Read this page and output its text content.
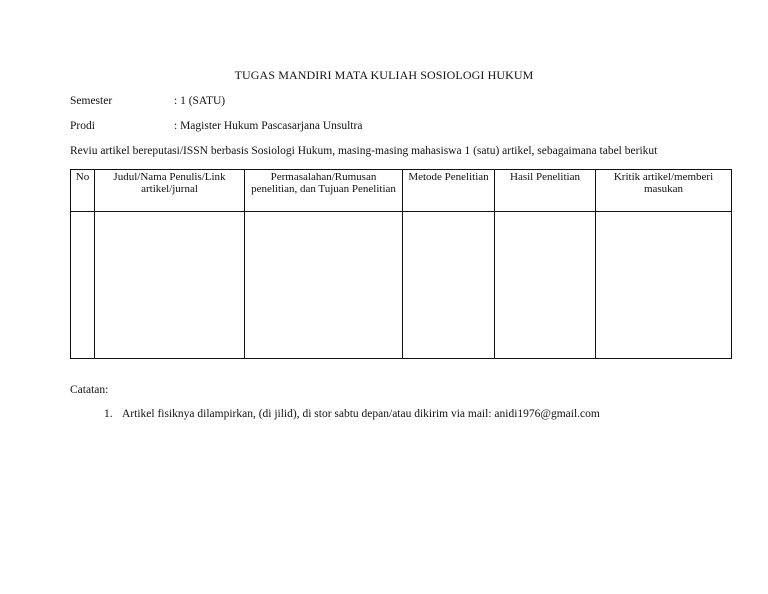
TUGAS MANDIRI MATA KULIAH SOSIOLOGI HUKUM
Semester	: 1 (SATU)
Prodi	: Magister Hukum Pascasarjana Unsultra
Reviu artikel bereputasi/ISSN berbasis Sosiologi Hukum, masing-masing mahasiswa 1 (satu) artikel, sebagaimana tabel berikut
No	Judul/Nama Penulis/Link artikel/jurnal	Permasalahan/Rumusan penelitian, dan Tujuan Penelitian	Metode Penelitian	Hasil Penelitian	Kritik artikel/memberi masukan

Catatan:
1. Artikel fisiknya dilampirkan, (di jilid), di stor sabtu depan/atau dikirim via mail: anidi1976@gmail.com
